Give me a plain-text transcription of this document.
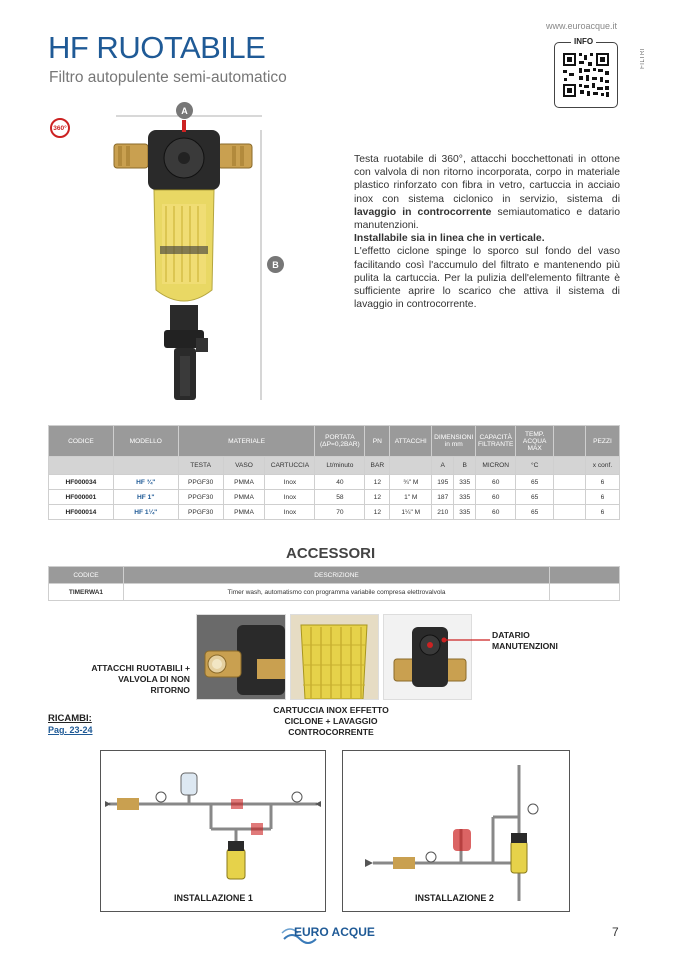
www.euroacque.it
HF RUOTABILE
Filtro autopulente semi-automatico
FILTRI
INFO
360°
A
B

Testa ruotabile di 360°, attacchi bocchettonati in ottone con valvola di non ritorno incorporata, corpo in materiale plastico rinforzato con fibra in vetro, cartuccia in acciaio inox con sistema ciclonico in servizio, sistema di lavaggio in controcorrente semiautomatico e datario manutenzioni.

Installabile sia in linea che in verticale.

L'effetto ciclone spinge lo sporco sul fondo del vaso facilitando così l'accumulo del filtrato e mantenendo più pulita la cartuccia. Per la pulizia dell'elemento filtrante è sufficiente aprire lo scarico che attiva il sistema di lavaggio in controcorrente.

CODICE	MODELLO	MATERIALE			PORTATA (ΔP=0,2BAR)	PN	ATTACCHI	DIMENSIONI in mm		CAPACITÀ FILTRANTE	TEMP. ACQUA MAX		PEZZI
		TESTA	VASO	CARTUCCIA	Lt/minuto	BAR		A	B	MICRON	°C		x conf.
HF000034	HF ¾"	PPGF30	PMMA	Inox	40	12	¾" M	195	335	60	65		6
HF000001	HF 1"	PPGF30	PMMA	Inox	58	12	1" M	187	335	60	65		6
HF000014	HF 1¼"	PPGF30	PMMA	Inox	70	12	1¼" M	210	335	60	65		6
ACCESSORI
CODICE	DESCRIZIONE	
TIMERWA1	Timer wash, automatismo con programma variabile compresa elettrovalvola	
ATTACCHI RUOTABILI + VALVOLA DI NON RITORNO
CARTUCCIA INOX EFFETTO CICLONE + LAVAGGIO CONTROCORRENTE
DATARIO MANUTENZIONI
RICAMBI:
Pag. 23-24
INSTALLAZIONE 1	INSTALLAZIONE 2
EURO ACQUE	7
